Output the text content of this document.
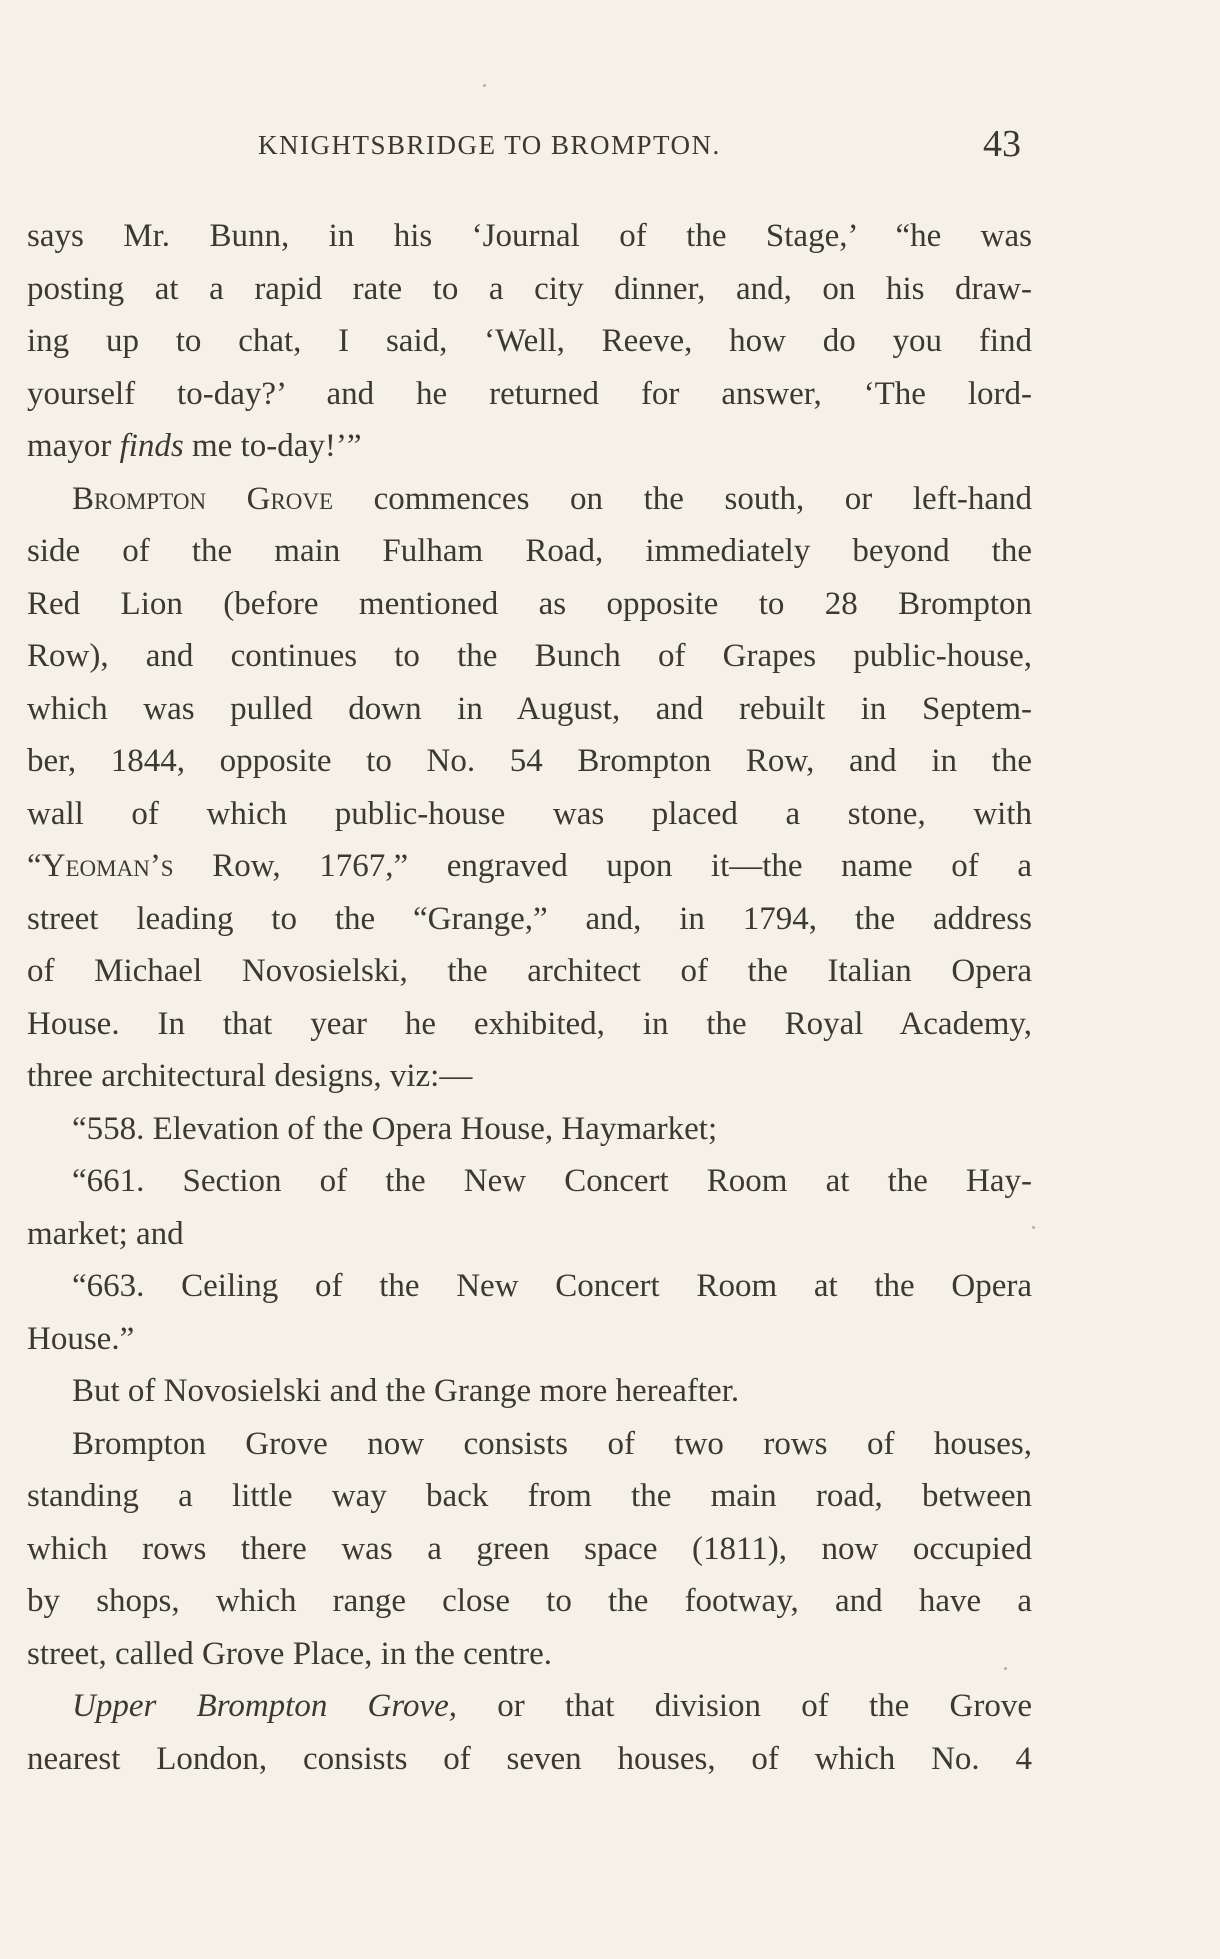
KNIGHTSBRIDGE TO BROMPTON.	43
says Mr. Bunn, in his ‘Journal of the Stage,’ “he was
posting at a rapid rate to a city dinner, and, on his draw-
ing up to chat, I said, ‘Well, Reeve, how do you find
yourself to-day?’ and he returned for answer, ‘The lord-
mayor finds me to-day!’”
Brompton Grove commences on the south, or left-hand
side of the main Fulham Road, immediately beyond the
Red Lion (before mentioned as opposite to 28 Brompton
Row), and continues to the Bunch of Grapes public-house,
which was pulled down in August, and rebuilt in Septem-
ber, 1844, opposite to No. 54 Brompton Row, and in the
wall of which public-house was placed a stone, with
“Yeoman’s Row, 1767,” engraved upon it—the name of a
street leading to the “Grange,” and, in 1794, the address
of Michael Novosielski, the architect of the Italian Opera
House. In that year he exhibited, in the Royal Academy,
three architectural designs, viz:—
“558. Elevation of the Opera House, Haymarket;
“661. Section of the New Concert Room at the Hay-
market; and
“663. Ceiling of the New Concert Room at the Opera
House.”
But of Novosielski and the Grange more hereafter.
Brompton Grove now consists of two rows of houses,
standing a little way back from the main road, between
which rows there was a green space (1811), now occupied
by shops, which range close to the footway, and have a
street, called Grove Place, in the centre.
Upper Brompton Grove, or that division of the Grove
nearest London, consists of seven houses, of which No. 4
